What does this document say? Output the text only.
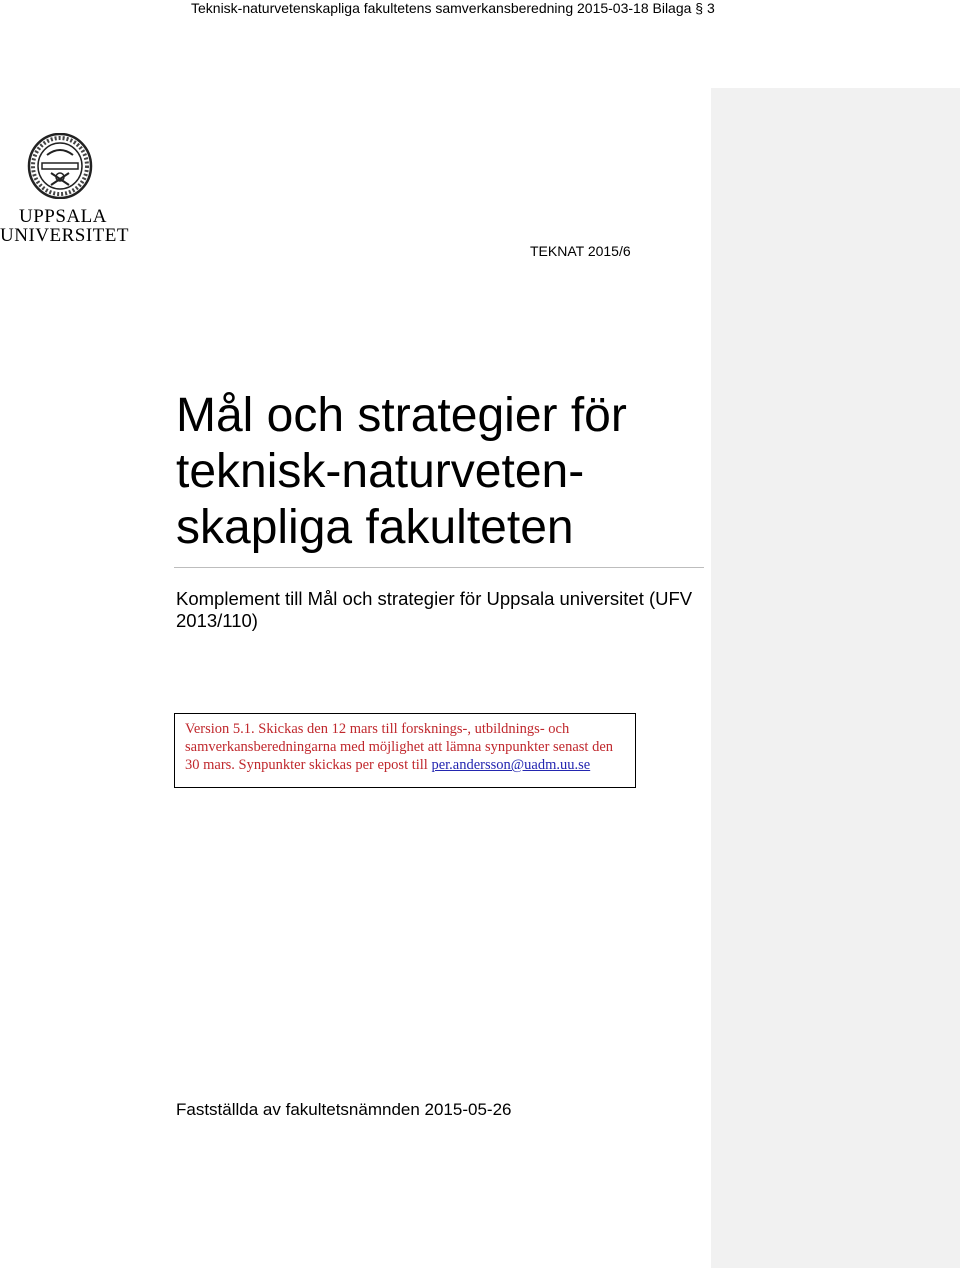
Teknisk-naturvetenskapliga fakultetens samverkansberedning 2015-03-18 Bilaga § 3
UPPSALA
UNIVERSITET
TEKNAT 2015/6
Mål och strategier för
teknisk-naturveten-
skapliga fakulteten
Komplement till Mål och strategier för Uppsala universitet (UFV 2013/110)
Version 5.1. Skickas den 12 mars till forsknings-, utbildnings- och samverkansberedningarna med möjlighet att lämna synpunkter senast den 30 mars. Synpunkter skickas per epost till per.andersson@uadm.uu.se
Fastställda av fakultetsnämnden 2015-05-26
